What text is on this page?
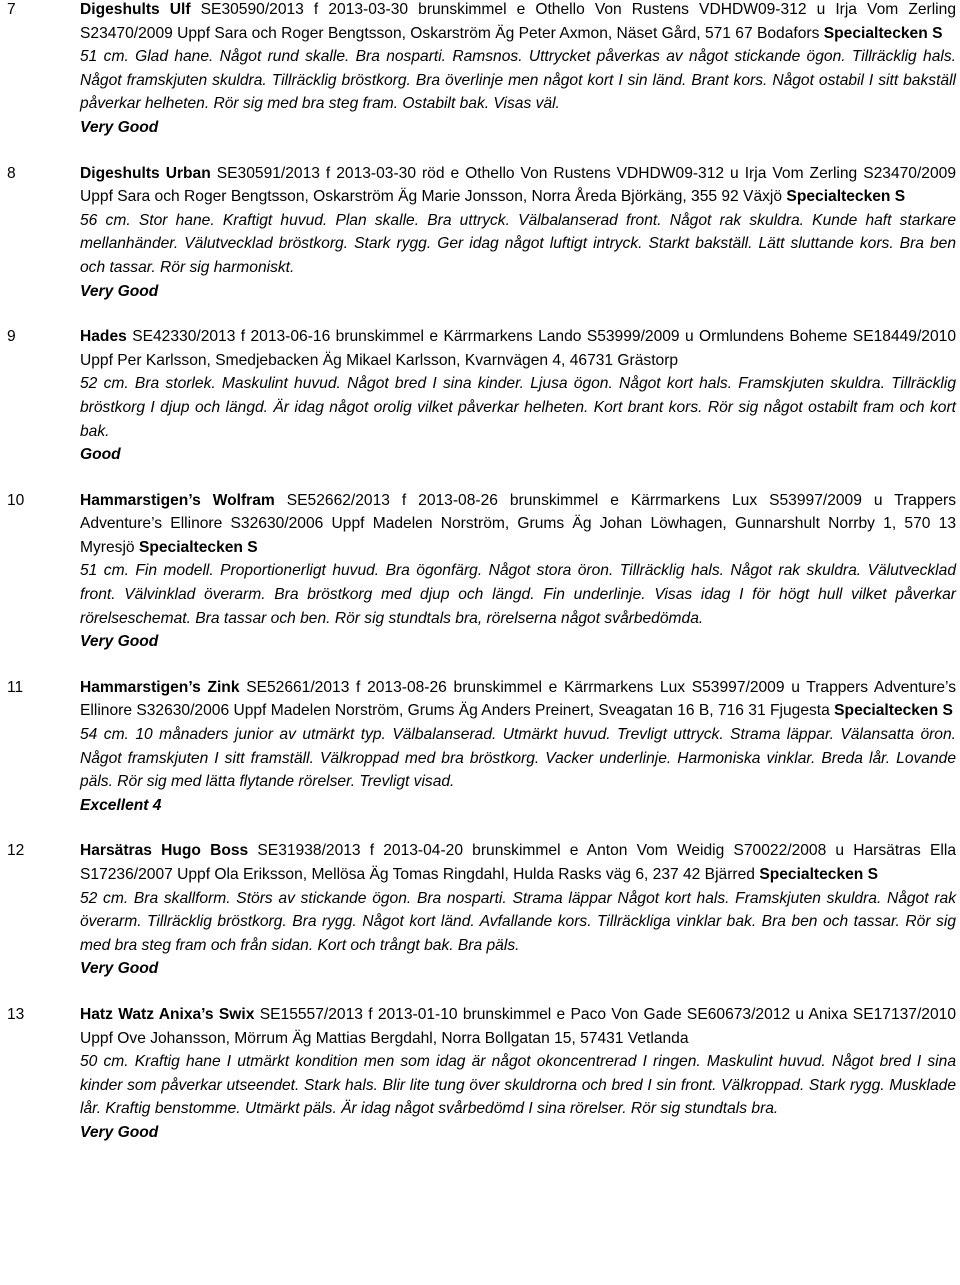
7	Digeshults Ulf SE30590/2013 f 2013-03-30 brunskimmel e Othello Von Rustens VDHDW09-312 u Irja Vom Zerling S23470/2009 Uppf Sara och Roger Bengtsson, Oskarström Äg Peter Axmon, Näset Gård, 571 67 Bodafors Specialtecken S
51 cm. Glad hane. Något rund skalle. Bra nosparti. Ramsnos. Uttrycket påverkas av något stickande ögon. Tillräcklig hals. Något framskjuten skuldra. Tillräcklig bröstkorg. Bra överlinje men något kort I sin länd. Brant kors. Något ostabil I sitt bakställ påverkar helheten. Rör sig med bra steg fram. Ostabilt bak. Visas väl.
Very Good
8	Digeshults Urban SE30591/2013 f 2013-03-30 röd e Othello Von Rustens VDHDW09-312 u Irja Vom Zerling S23470/2009 Uppf Sara och Roger Bengtsson, Oskarström Äg Marie Jonsson, Norra Åreda Björkäng, 355 92 Växjö Specialtecken S
56 cm. Stor hane. Kraftigt huvud. Plan skalle. Bra uttryck. Välbalanserad front. Något rak skuldra. Kunde haft starkare mellanhänder. Välutvecklad bröstkorg. Stark rygg. Ger idag något luftigt intryck. Starkt bakställ. Lätt sluttande kors. Bra ben och tassar. Rör sig harmoniskt.
Very Good
9	Hades SE42330/2013 f 2013-06-16 brunskimmel e Kärrmarkens Lando S53999/2009 u Ormlundens Boheme SE18449/2010 Uppf Per Karlsson, Smedjebacken Äg Mikael Karlsson, Kvarnvägen 4, 46731 Grästorp
52 cm. Bra storlek. Maskulint huvud. Något bred I sina kinder. Ljusa ögon. Något kort hals. Framskjuten skuldra. Tillräcklig bröstkorg I djup och längd. Är idag något orolig vilket påverkar helheten. Kort brant kors. Rör sig något ostabilt fram och kort bak.
Good
10	Hammarstigen’s Wolfram SE52662/2013 f 2013-08-26 brunskimmel e Kärrmarkens Lux S53997/2009 u Trappers Adventure’s Ellinore S32630/2006 Uppf Madelen Norström, Grums Äg Johan Löwhagen, Gunnarshult Norrby 1, 570 13 Myresjö Specialtecken S
51 cm. Fin modell. Proportionerligt huvud. Bra ögonfärg. Något stora öron. Tillräcklig hals. Något rak skuldra. Välutvecklad front. Välvinklad överarm. Bra bröstkorg med djup och längd. Fin underlinje. Visas idag I för högt hull vilket påverkar rörelseschemat. Bra tassar och ben. Rör sig stundtals bra, rörelserna något svårbedömda.
Very Good
11	Hammarstigen’s Zink SE52661/2013 f 2013-08-26 brunskimmel e Kärrmarkens Lux S53997/2009 u Trappers Adventure’s Ellinore S32630/2006 Uppf Madelen Norström, Grums Äg Anders Preinert, Sveagatan 16 B, 716 31 Fjugesta Specialtecken S
54 cm. 10 månaders junior av utmärkt typ. Välbalanserad. Utmärkt huvud. Trevligt uttryck. Strama läppar. Välansatta öron. Något framskjuten I sitt framställ. Välkroppad med bra bröstkorg. Vacker underlinje. Harmoniska vinklar. Breda lår. Lovande päls. Rör sig med lätta flytande rörelser. Trevligt visad.
Excellent 4
12	Harsätras Hugo Boss SE31938/2013 f 2013-04-20 brunskimmel e Anton Vom Weidig S70022/2008 u Harsätras Ella S17236/2007 Uppf Ola Eriksson, Mellösa Äg Tomas Ringdahl, Hulda Rasks väg 6, 237 42 Bjärred Specialtecken S
52 cm. Bra skallform. Störs av stickande ögon. Bra nosparti. Strama läppar Något kort hals. Framskjuten skuldra. Något rak överarm. Tillräcklig bröstkorg. Bra rygg. Något kort länd. Avfallande kors. Tillräckliga vinklar bak. Bra ben och tassar. Rör sig med bra steg fram och från sidan. Kort och trångt bak. Bra päls.
Very Good
13	Hatz Watz Anixa’s Swix SE15557/2013 f 2013-01-10 brunskimmel e Paco Von Gade SE60673/2012 u Anixa SE17137/2010 Uppf Ove Johansson, Mörrum Äg Mattias Bergdahl, Norra Bollgatan 15, 57431 Vetlanda
50 cm. Kraftig hane I utmärkt kondition men som idag är något okoncentrerad I ringen. Maskulint huvud. Något bred I sina kinder som påverkar utseendet. Stark hals. Blir lite tung över skuldrorna och bred I sin front. Välkroppad. Stark rygg. Musklade lår. Kraftig benstomme. Utmärkt päls. Är idag något svårbedömd I sina rörelser. Rör sig stundtals bra.
Very Good
